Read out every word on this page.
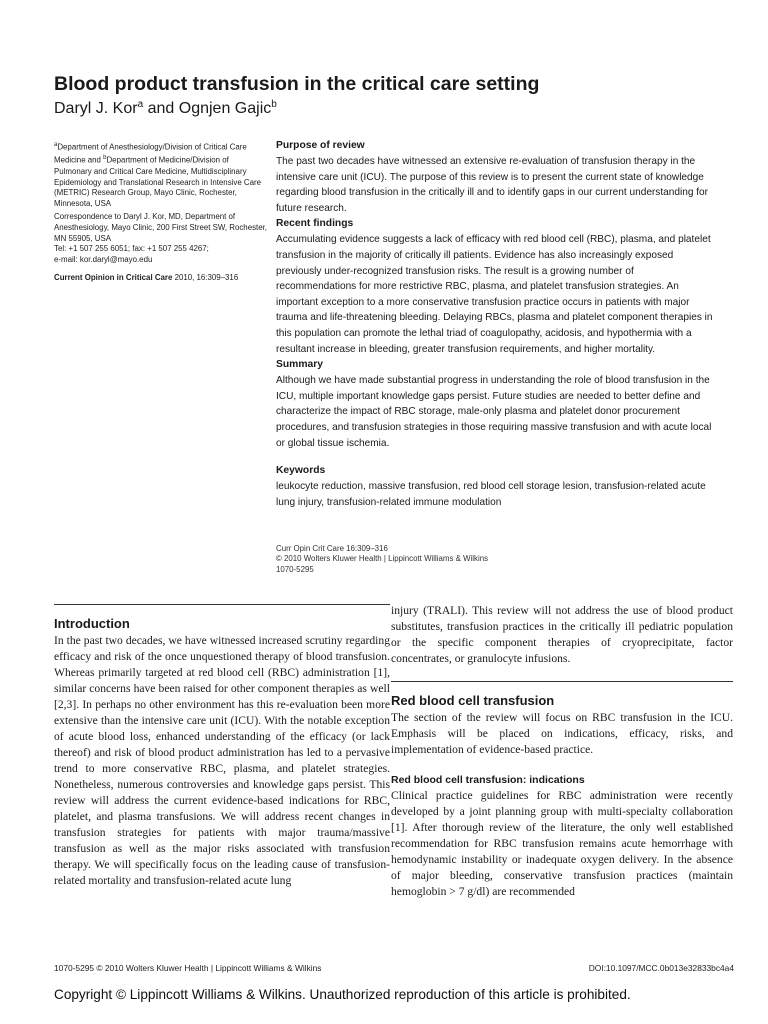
Blood product transfusion in the critical care setting
Daryl J. Kor$^a$ and Ognjen Gajic$^b$
$^a$Department of Anesthesiology/Division of Critical Care Medicine and $^b$Department of Medicine/Division of Pulmonary and Critical Care Medicine, Multidisciplinary Epidemiology and Translational Research in Intensive Care (METRIC) Research Group, Mayo Clinic, Rochester, Minnesota, USA
Correspondence to Daryl J. Kor, MD, Department of Anesthesiology, Mayo Clinic, 200 First Street SW, Rochester, MN 55905, USA
Tel: +1 507 255 6051; fax: +1 507 255 4267;
e-mail: kor.daryl@mayo.edu
Current Opinion in Critical Care 2010, 16:309–316
Purpose of review

The past two decades have witnessed an extensive re-evaluation of transfusion therapy in the intensive care unit (ICU). The purpose of this review is to present the current state of knowledge regarding blood transfusion in the critically ill and to identify gaps in our current understanding for future research.

Recent findings

Accumulating evidence suggests a lack of efficacy with red blood cell (RBC), plasma, and platelet transfusion in the majority of critically ill patients. Evidence has also increasingly exposed previously under-recognized transfusion risks. The result is a growing number of recommendations for more restrictive RBC, plasma, and platelet transfusion strategies. An important exception to a more conservative transfusion practice occurs in patients with major trauma and life-threatening bleeding. Delaying RBCs, plasma and platelet component therapies in this population can promote the lethal triad of coagulopathy, acidosis, and hypothermia with a resultant increase in bleeding, greater transfusion requirements, and higher mortality.

Summary

Although we have made substantial progress in understanding the role of blood transfusion in the ICU, multiple important knowledge gaps persist. Future studies are needed to better define and characterize the impact of RBC storage, male-only plasma and platelet donor procurement procedures, and transfusion strategies in those requiring massive transfusion and with acute local or global tissue ischemia.

Keywords

leukocyte reduction, massive transfusion, red blood cell storage lesion, transfusion-related acute lung injury, transfusion-related immune modulation

Curr Opin Crit Care 16:309–316
© 2010 Wolters Kluwer Health | Lippincott Williams & Wilkins
1070-5295
Introduction

In the past two decades, we have witnessed increased scrutiny regarding efficacy and risk of the once unquestioned therapy of blood transfusion. Whereas primarily targeted at red blood cell (RBC) administration [1], similar concerns have been raised for other component therapies as well [2,3]. In perhaps no other environment has this re-evaluation been more extensive than the intensive care unit (ICU). With the notable exception of acute blood loss, enhanced understanding of the efficacy (or lack thereof) and risk of blood product administration has led to a pervasive trend to more conservative RBC, plasma, and platelet strategies. Nonetheless, numerous controversies and knowledge gaps persist. This review will address the current evidence-based indications for RBC, platelet, and plasma transfusions. We will address recent changes in transfusion strategies for patients with major trauma/massive transfusion as well as the major risks associated with transfusion therapy. We will specifically focus on the leading cause of transfusion-related mortality and transfusion-related acute lung

injury (TRALI). This review will not address the use of blood product substitutes, transfusion practices in the critically ill pediatric population or the specific component therapies of cryoprecipitate, factor concentrates, or granulocyte infusions.

Red blood cell transfusion

The section of the review will focus on RBC transfusion in the ICU. Emphasis will be placed on indications, efficacy, risks, and implementation of evidence-based practice.

Red blood cell transfusion: indications

Clinical practice guidelines for RBC administration were recently developed by a joint planning group with multi-specialty collaboration [1]. After thorough review of the literature, the only well established recommendation for RBC transfusion remains acute hemorrhage with hemodynamic instability or inadequate oxygen delivery. In the absence of major bleeding, conservative transfusion practices (maintain hemoglobin > 7 g/dl) are recommended

1070-5295 © 2010 Wolters Kluwer Health | Lippincott Williams & Wilkins	DOI:10.1097/MCC.0b013e32833bc4a4
Copyright © Lippincott Williams & Wilkins. Unauthorized reproduction of this article is prohibited.
